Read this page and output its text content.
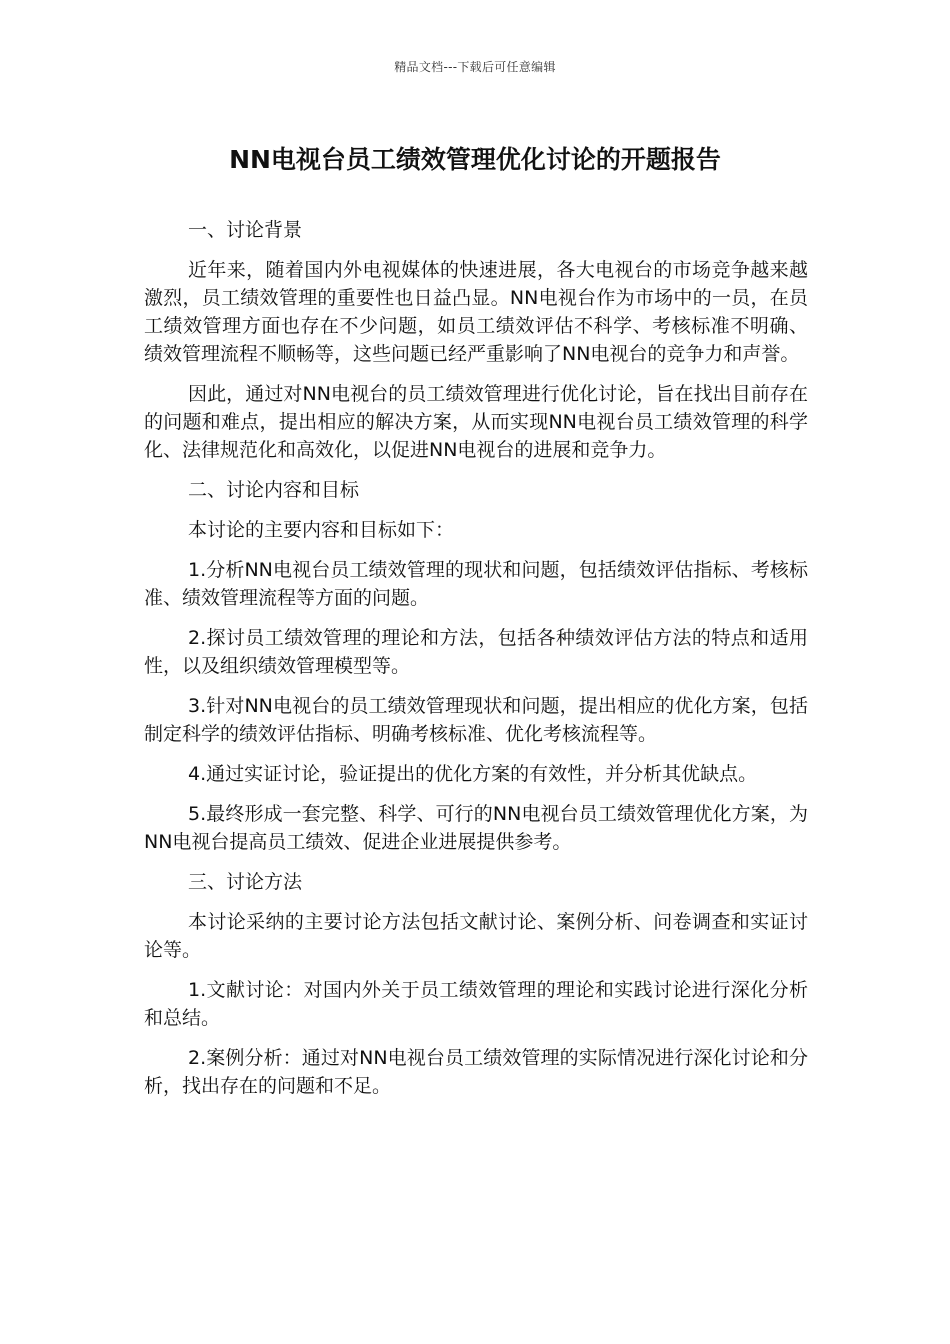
精品文档---下载后可任意编辑
NN电视台员工绩效管理优化讨论的开题报告

一、讨论背景

近年来，随着国内外电视媒体的快速进展，各大电视台的市场竞争越来越激烈，员工绩效管理的重要性也日益凸显。NN电视台作为市场中的一员，在员工绩效管理方面也存在不少问题，如员工绩效评估不科学、考核标准不明确、绩效管理流程不顺畅等，这些问题已经严重影响了NN电视台的竞争力和声誉。

因此，通过对NN电视台的员工绩效管理进行优化讨论，旨在找出目前存在的问题和难点，提出相应的解决方案，从而实现NN电视台员工绩效管理的科学化、法律规范化和高效化，以促进NN电视台的进展和竞争力。

二、讨论内容和目标

本讨论的主要内容和目标如下：

1.分析NN电视台员工绩效管理的现状和问题，包括绩效评估指标、考核标准、绩效管理流程等方面的问题。

2.探讨员工绩效管理的理论和方法，包括各种绩效评估方法的特点和适用性，以及组织绩效管理模型等。

3.针对NN电视台的员工绩效管理现状和问题，提出相应的优化方案，包括制定科学的绩效评估指标、明确考核标准、优化考核流程等。

4.通过实证讨论，验证提出的优化方案的有效性，并分析其优缺点。

5.最终形成一套完整、科学、可行的NN电视台员工绩效管理优化方案，为NN电视台提高员工绩效、促进企业进展提供参考。

三、讨论方法

本讨论采纳的主要讨论方法包括文献讨论、案例分析、问卷调查和实证讨论等。

1.文献讨论：对国内外关于员工绩效管理的理论和实践讨论进行深化分析和总结。

2.案例分析：通过对NN电视台员工绩效管理的实际情况进行深化讨论和分析，找出存在的问题和不足。
